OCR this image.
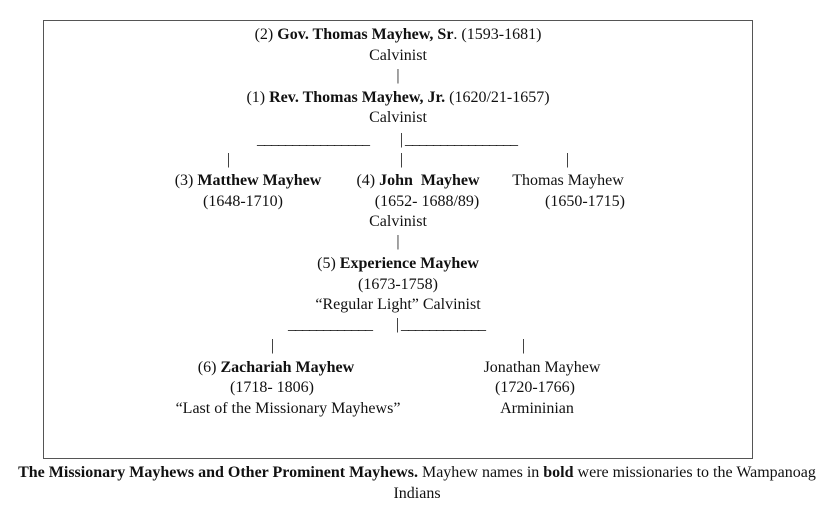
(2) Gov. Thomas Mayhew, Sr. (1593-1681)
Calvinist
|
(1) Rev. Thomas Mayhew, Jr. (1620/21-1657)
Calvinist
________________ | ________________
|	|	|
(3) Matthew Mayhew
(1648-1710)
(4) John  Mayhew
(1652- 1688/89)
Calvinist
|
Thomas Mayhew
(1650-1715)
(5) Experience Mayhew
(1673-1758)
“Regular Light” Calvinist
____________ | ____________
|	|
(6) Zachariah Mayhew
(1718- 1806)
“Last of the Missionary Mayhews”
Jonathan Mayhew
(1720-1766)
Armininian
The Missionary Mayhews and Other Prominent Mayhews. Mayhew names in bold were missionaries to the Wampanoag Indians
